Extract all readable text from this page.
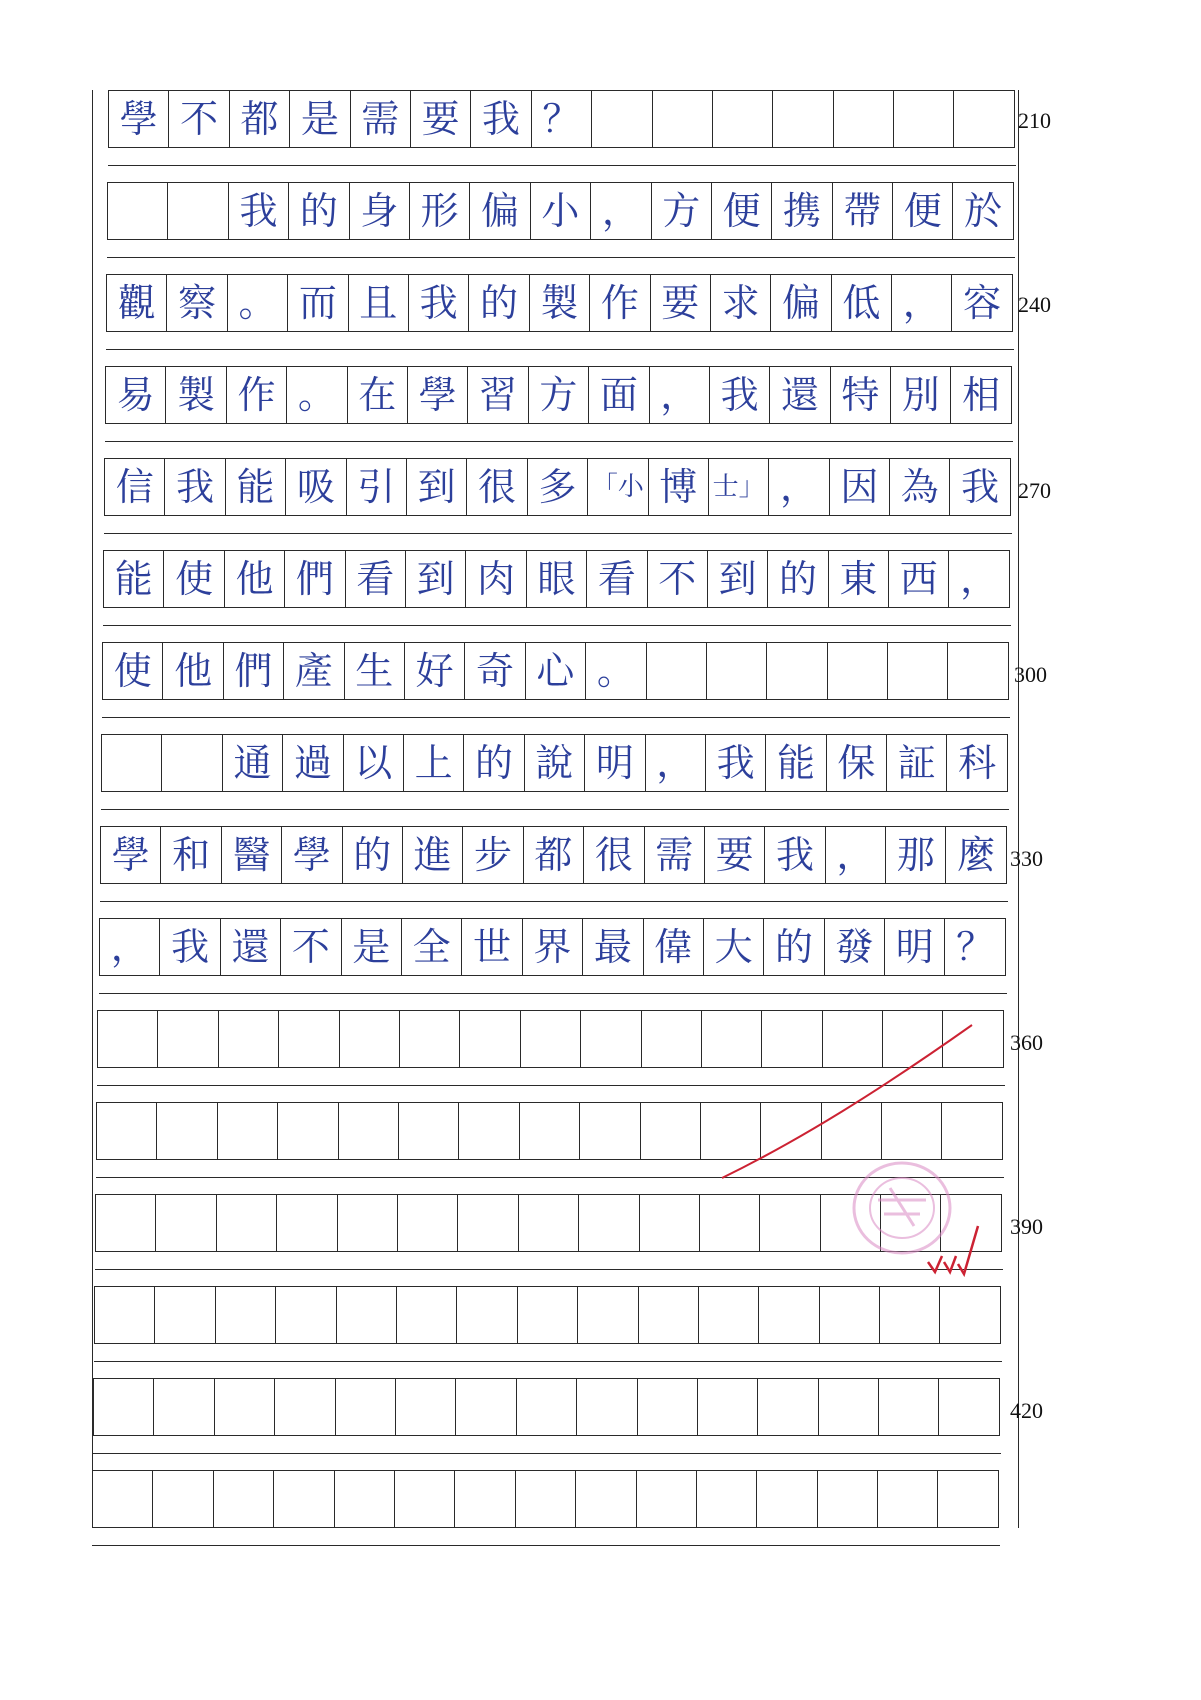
學 不 都 是 需 要 我 ？
我 的 身 形 偏 小 ， 方 便 携 帶 便 於
觀 察 。 而 且 我 的 製 作 要 求 偏 低 ， 容
易 製 作 。 在 學 習 方 面 ， 我 還 特 別 相
信 我 能 吸 引 到 很 多 「小 博 士」 ， 因 為 我
能 使 他 們 看 到 肉 眼 看 不 到 的 東 西 ，
使 他 們 產 生 好 奇 心 。
通 過 以 上 的 說 明 ， 我 能 保 証 科
學 和 醫 學 的 進 步 都 很 需 要 我 ， 那 麼
， 我 還 不 是 全 世 界 最 偉 大 的 發 明 ？
210
240
270
300
330
360
390
420
